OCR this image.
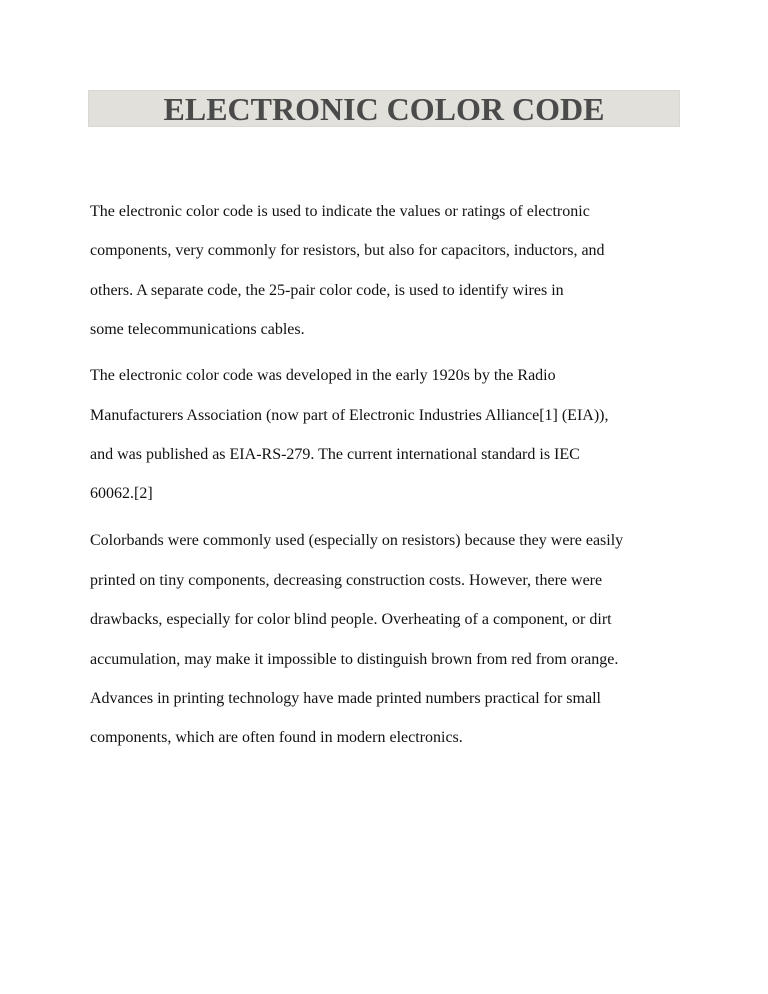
ELECTRONIC COLOR CODE
The electronic color code is used to indicate the values or ratings of electronic
components, very commonly for resistors, but also for capacitors, inductors, and
others. A separate code, the 25-pair color code, is used to identify wires in
some telecommunications cables.
The electronic color code was developed in the early 1920s by the Radio
Manufacturers Association (now part of Electronic Industries Alliance[1] (EIA)),
and was published as EIA-RS-279. The current international standard is IEC
60062.[2]
Colorbands were commonly used (especially on resistors) because they were easily
printed on tiny components, decreasing construction costs. However, there were
drawbacks, especially for color blind people. Overheating of a component, or dirt
accumulation, may make it impossible to distinguish brown from red from orange.
Advances in printing technology have made printed numbers practical for small
components, which are often found in modern electronics.
